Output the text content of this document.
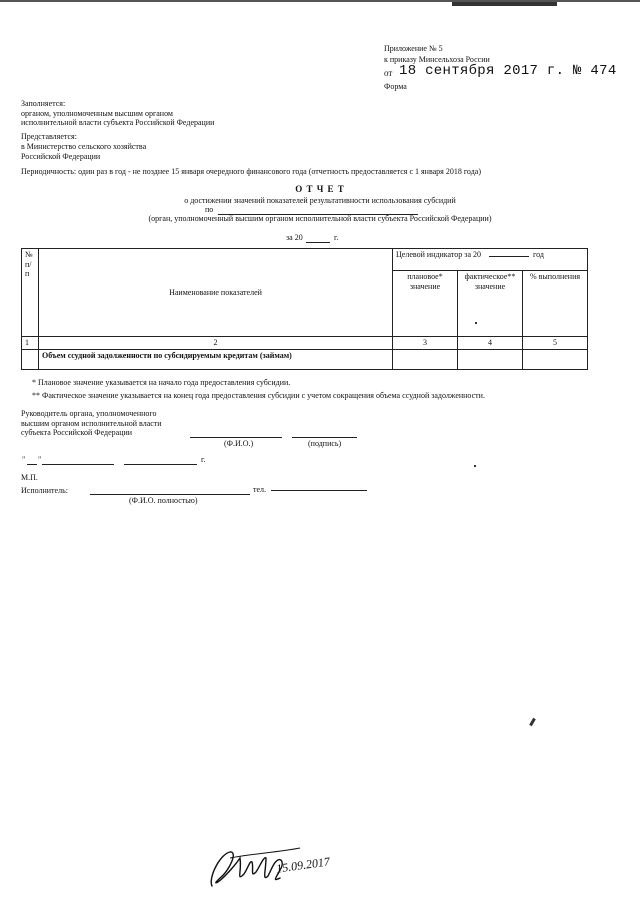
Приложение № 5
к приказу Минсельхоза России
от 18 сентября 2017 г. № 474
Форма
Заполняется:
органом, уполномоченным высшим органом
исполнительной власти субъекта Российской Федерации
Представляется:
в Министерство сельского хозяйства
Российской Федерации
Периодичность: один раз в год - не позднее 15 января очередного финансового года (отчетность предоставляется с 1 января 2018 года)
О Т Ч Е Т
о достижении значений показателей результативности использования субсидий
по
(орган, уполномоченный высшим органом исполнительной власти субъекта Российской Федерации)
за 20	г.
№ п/п	Наименование показателей	Целевой индикатор за 20 год		
		плановое* значение	фактическое** значение	% выполнения
1	2	3	4	5
	Объем ссудной задолженности по субсидируемым кредитам (займам)			
* Плановое значение указывается на начало года предоставления субсидии.
** Фактическое значение указывается на конец года предоставления субсидии с учетом сокращения объема ссудной задолженности.
Руководитель органа, уполномоченного
высшим органом исполнительной власти
субъекта Российской Федерации
(Ф.И.О.)	(подпись)
" "	г.
М.П.
Исполнитель:	тел.
(Ф.И.О. полностью)
15.09.2017
